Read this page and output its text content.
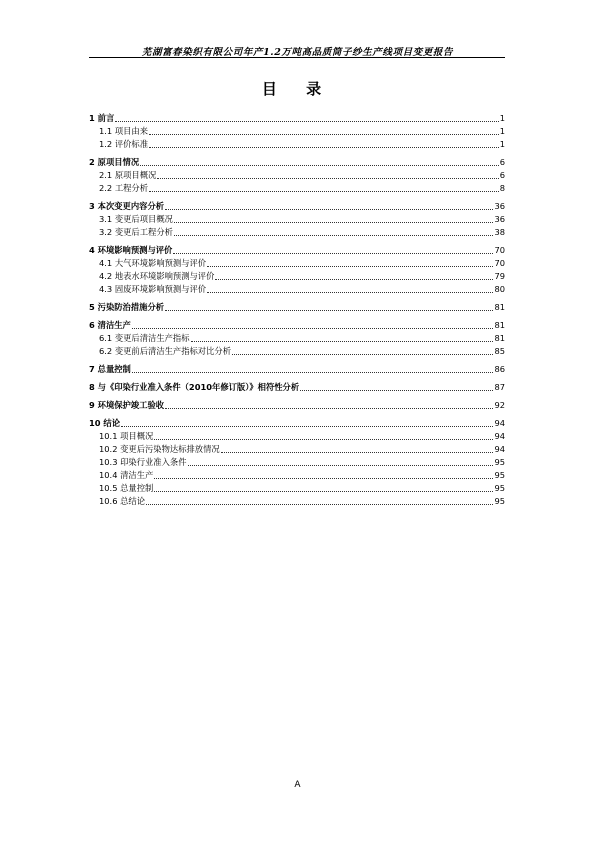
芜湖富春染织有限公司年产1.2万吨高品质筒子纱生产线项目变更报告
目 录
1 前言	1
1.1 项目由来	1
1.2 评价标准	1
2 原项目情况	6
2.1 原项目概况	6
2.2 工程分析	8
3 本次变更内容分析	36
3.1 变更后项目概况	36
3.2 变更后工程分析	38
4 环境影响预测与评价	70
4.1 大气环境影响预测与评价	70
4.2 地表水环境影响预测与评价	79
4.3 固废环境影响预测与评价	80
5 污染防治措施分析	81
6 清洁生产	81
6.1 变更后清洁生产指标	81
6.2 变更前后清洁生产指标对比分析	85
7 总量控制	86
8 与《印染行业准入条件（2010年修订版）》相符性分析	87
9 环境保护竣工验收	92
10 结论	94
10.1 项目概况	94
10.2 变更后污染物达标排放情况	94
10.3 印染行业准入条件	95
10.4 清洁生产	95
10.5 总量控制	95
10.6 总结论	95
A
